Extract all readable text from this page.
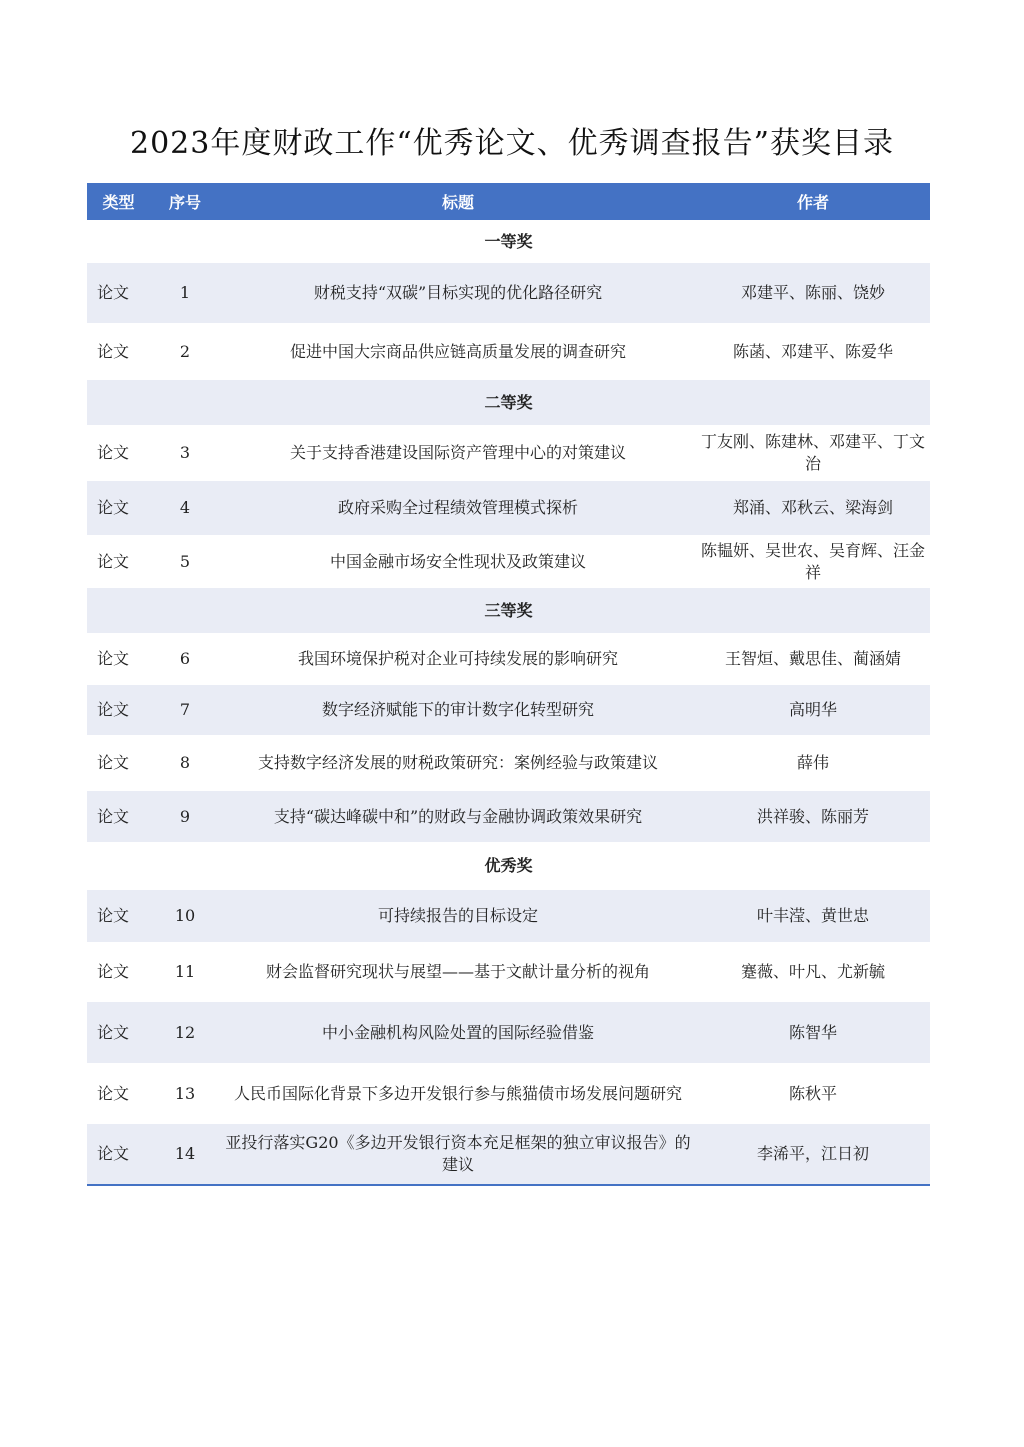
2023年度财政工作“优秀论文、优秀调查报告”获奖目录
类型	序号	标题	作者
一等奖			
论文	1	财税支持“双碳”目标实现的优化路径研究	邓建平、陈丽、饶妙
论文	2	促进中国大宗商品供应链高质量发展的调查研究	陈菡、邓建平、陈爱华
二等奖			
论文	3	关于支持香港建设国际资产管理中心的对策建议	丁友刚、陈建林、邓建平、丁文治
论文	4	政府采购全过程绩效管理模式探析	郑涌、邓秋云、梁海剑
论文	5	中国金融市场安全性现状及政策建议	陈韫妍、吴世农、吴育辉、汪金祥
三等奖			
论文	6	我国环境保护税对企业可持续发展的影响研究	王智烜、戴思佳、蔺涵婧
论文	7	数字经济赋能下的审计数字化转型研究	高明华
论文	8	支持数字经济发展的财税政策研究：案例经验与政策建议	薛伟
论文	9	支持“碳达峰碳中和”的财政与金融协调政策效果研究	洪祥骏、陈丽芳
优秀奖			
论文	10	可持续报告的目标设定	叶丰滢、黄世忠
论文	11	财会监督研究现状与展望——基于文献计量分析的视角	蹇薇、叶凡、尤新毓
论文	12	中小金融机构风险处置的国际经验借鉴	陈智华
论文	13	人民币国际化背景下多边开发银行参与熊猫债市场发展问题研究	陈秋平
论文	14	亚投行落实G20《多边开发银行资本充足框架的独立审议报告》的建议	李浠平，江日初
